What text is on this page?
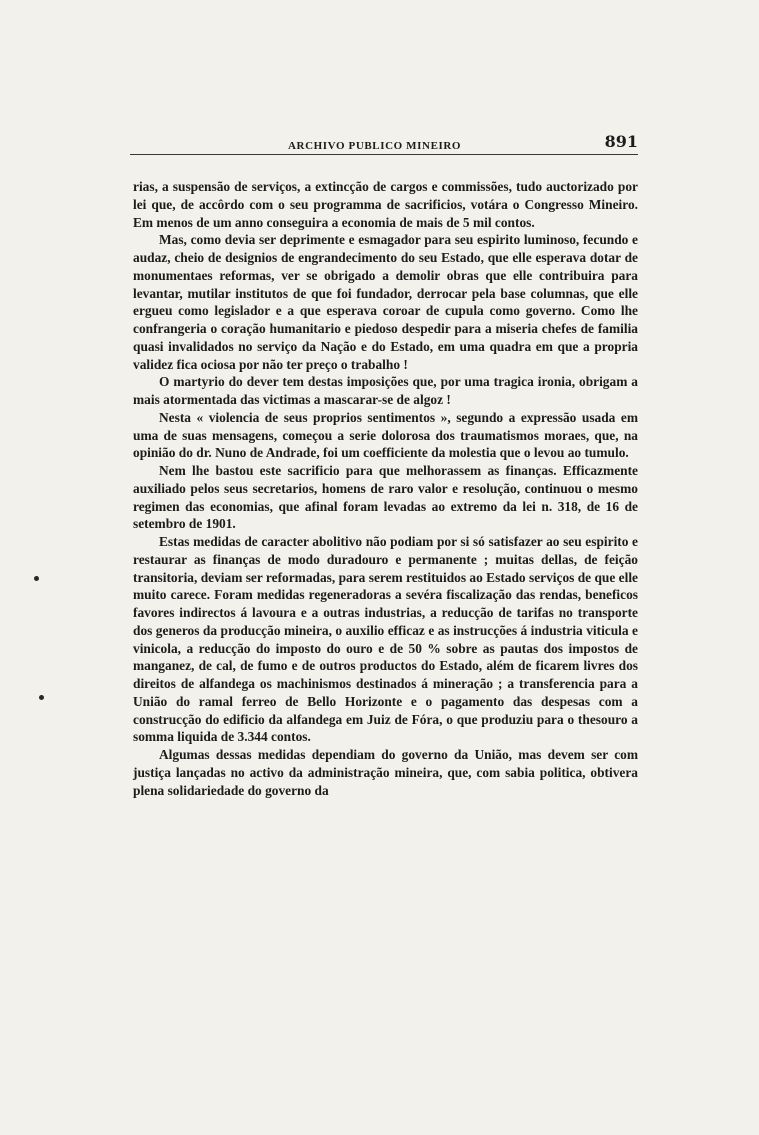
ARCHIVO PUBLICO MINEIRO	891

rias, a suspensão de serviços, a extincção de cargos e commissões, tudo auctorizado por lei que, de accôrdo com o seu programma de sacrificios, votára o Congresso Mineiro. Em menos de um anno conseguira a economia de mais de 5 mil contos.

Mas, como devia ser deprimente e esmagador para seu espirito luminoso, fecundo e audaz, cheio de designios de engrandecimento do seu Estado, que elle esperava dotar de monumentaes reformas, ver se obrigado a demolir obras que elle contribuira para levantar, mutilar institutos de que foi fundador, derrocar pela base columnas, que elle ergueu como legislador e a que esperava coroar de cupula como governo. Como lhe confrangeria o coração humanitario e piedoso despedir para a miseria chefes de familia quasi invalidados no serviço da Nação e do Estado, em uma quadra em que a propria validez fica ociosa por não ter preço o trabalho !

O martyrio do dever tem destas imposições que, por uma tragica ironia, obrigam a mais atormentada das victimas a mascarar-se de algoz !

Nesta « violencia de seus proprios sentimentos », segundo a expressão usada em uma de suas mensagens, começou a serie dolorosa dos traumatismos moraes, que, na opinião do dr. Nuno de Andrade, foi um coefficiente da molestia que o levou ao tumulo.

Nem lhe bastou este sacrificio para que melhorassem as finanças. Efficazmente auxiliado pelos seus secretarios, homens de raro valor e resolução, continuou o mesmo regimen das economias, que afinal foram levadas ao extremo da lei n. 318, de 16 de setembro de 1901.

Estas medidas de caracter abolitivo não podiam por si só satisfazer ao seu espirito e restaurar as finanças de modo duradouro e permanente ; muitas dellas, de feição transitoria, deviam ser reformadas, para serem restituidos ao Estado serviços de que elle muito carece. Foram medidas regeneradoras a sevéra fiscalização das rendas, beneficos favores indirectos á lavoura e a outras industrias, a reducção de tarifas no transporte dos generos da producção mineira, o auxilio efficaz e as instrucções á industria viticula e vinicola, a reducção do imposto do ouro e de 50 % sobre as pautas dos impostos de manganez, de cal, de fumo e de outros productos do Estado, além de ficarem livres dos direitos de alfandega os machinismos destinados á mineração ; a transferencia para a União do ramal ferreo de Bello Horizonte e o pagamento das despesas com a construcção do edificio da alfandega em Juiz de Fóra, o que produziu para o thesouro a somma liquida de 3.344 contos.

Algumas dessas medidas dependiam do governo da União, mas devem ser com justiça lançadas no activo da administração mineira, que, com sabia politica, obtivera plena solidariedade do governo da
